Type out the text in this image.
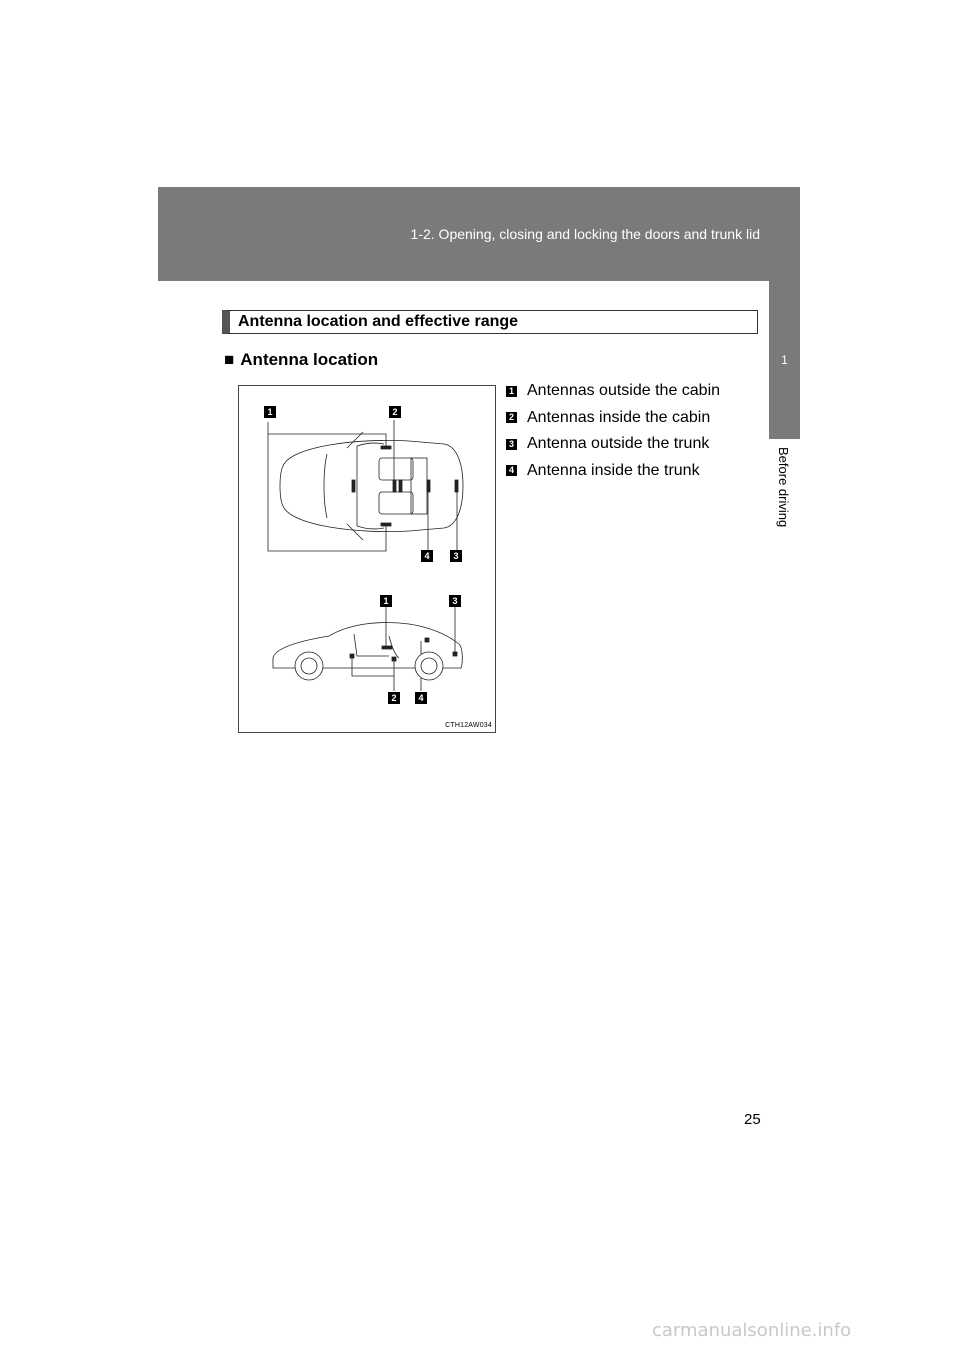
1-2. Opening, closing and locking the doors and trunk lid
1
Before driving
Antenna location and effective range
■ Antenna location
1 Antennas outside the cabin
2 Antennas inside the cabin
3 Antenna outside the trunk
4 Antenna inside the trunk
1	2
4	3
1	3
2	4
CTH12AW034
25
carmanualsonline.info
